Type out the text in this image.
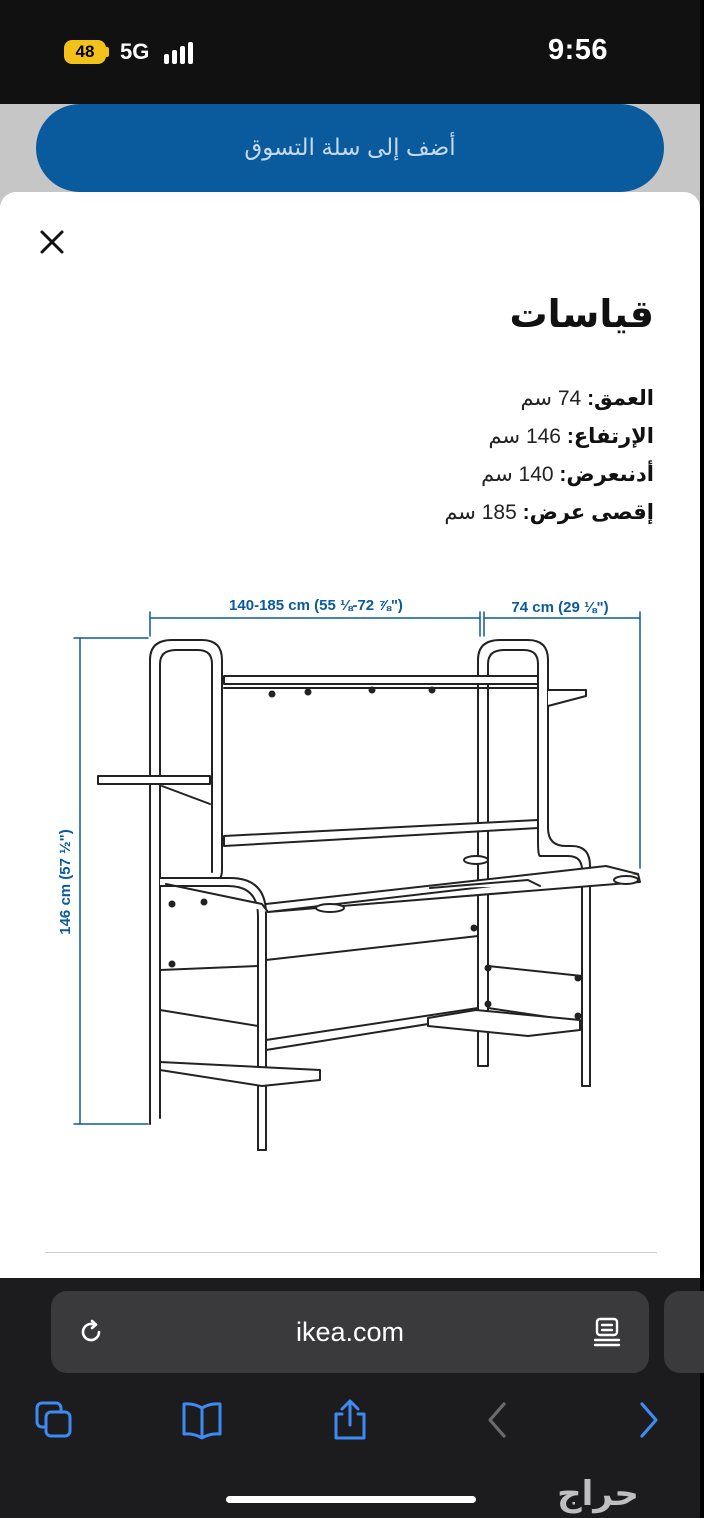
48	5G	9:56
أضف إلى سلة التسوق
قياسات
العمق: 74 سم
الإرتفاع: 146 سم
أدنىعرض: 140 سم
إقصى عرض: 185 سم
140-185 cm (55 ⅛-72 ⅞")	74 cm (29 ⅛")
146 cm (57 ½")
ikea.com
حراج
